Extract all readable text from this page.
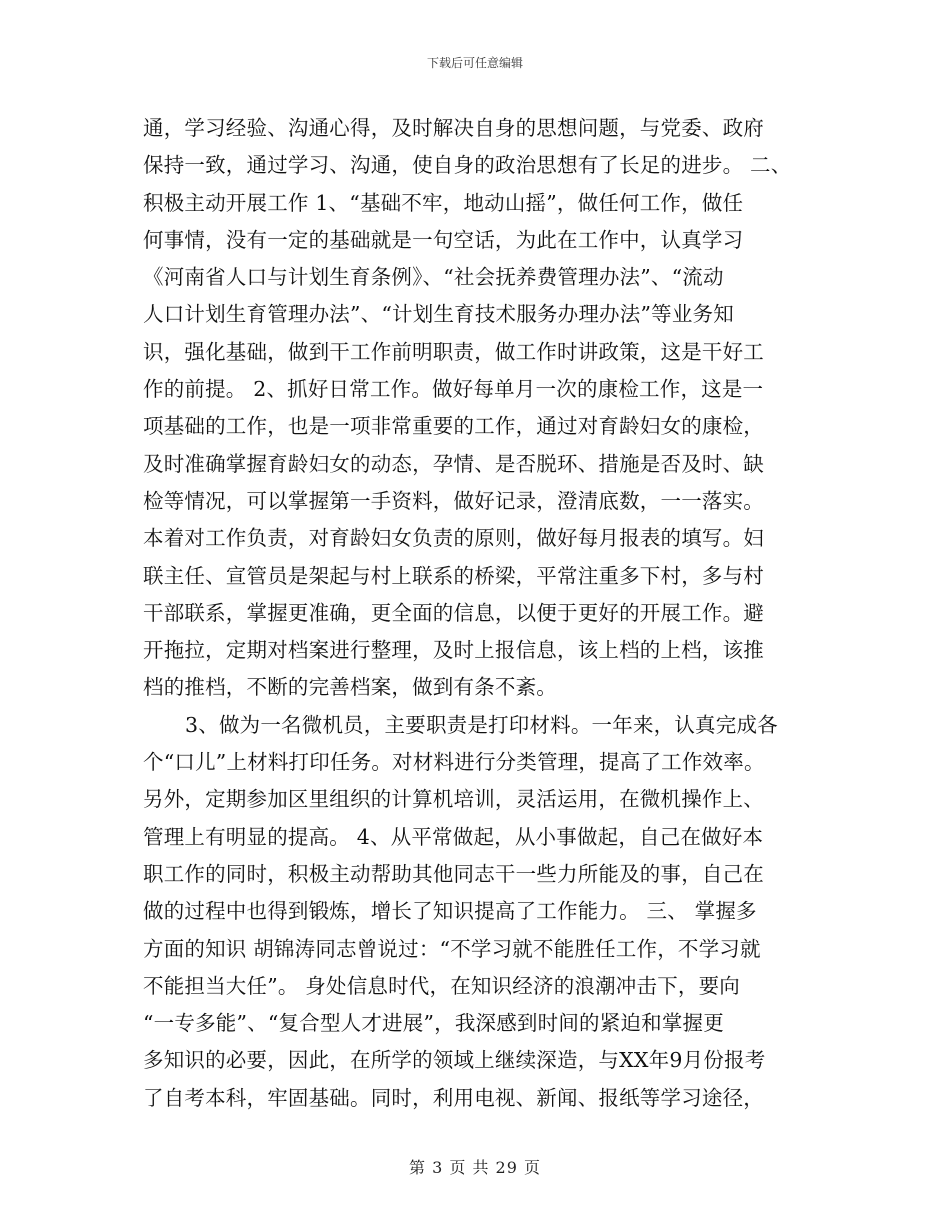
下载后可任意编辑
通，学习经验、沟通心得，及时解决自身的思想问题，与党委、政府
保持一致，通过学习、沟通，使自身的政治思想有了长足的进步。 二、
积极主动开展工作 1、“基础不牢，地动山摇”，做任何工作，做任
何事情，没有一定的基础就是一句空话，为此在工作中，认真学习
《河南省人口与计划生育条例》、“社会抚养费管理办法”、“流动
人口计划生育管理办法”、“计划生育技术服务办理办法”等业务知
识，强化基础，做到干工作前明职责，做工作时讲政策，这是干好工
作的前提。 2、抓好日常工作。做好每单月一次的康检工作，这是一
项基础的工作，也是一项非常重要的工作，通过对育龄妇女的康检，
及时准确掌握育龄妇女的动态，孕情、是否脱环、措施是否及时、缺
检等情况，可以掌握第一手资料，做好记录，澄清底数，一一落实。
本着对工作负责，对育龄妇女负责的原则，做好每月报表的填写。妇
联主任、宣管员是架起与村上联系的桥梁，平常注重多下村，多与村
干部联系，掌握更准确，更全面的信息，以便于更好的开展工作。避
开拖拉，定期对档案进行整理，及时上报信息，该上档的上档，该推
档的推档，不断的完善档案，做到有条不紊。
3、做为一名微机员，主要职责是打印材料。一年来，认真完成各
个“口儿”上材料打印任务。对材料进行分类管理，提高了工作效率。
另外，定期参加区里组织的计算机培训，灵活运用，在微机操作上、
管理上有明显的提高。 4、从平常做起，从小事做起，自己在做好本
职工作的同时，积极主动帮助其他同志干一些力所能及的事，自己在
做的过程中也得到锻炼，增长了知识提高了工作能力。 三、 掌握多
方面的知识 胡锦涛同志曾说过：“不学习就不能胜任工作，不学习就
不能担当大任”。 身处信息时代，在知识经济的浪潮冲击下，要向
“一专多能”、“复合型人才进展”，我深感到时间的紧迫和掌握更
多知识的必要，因此，在所学的领域上继续深造，与XX年9月份报考
了自考本科，牢固基础。同时，利用电视、新闻、报纸等学习途径，
第 3 页 共 29 页
